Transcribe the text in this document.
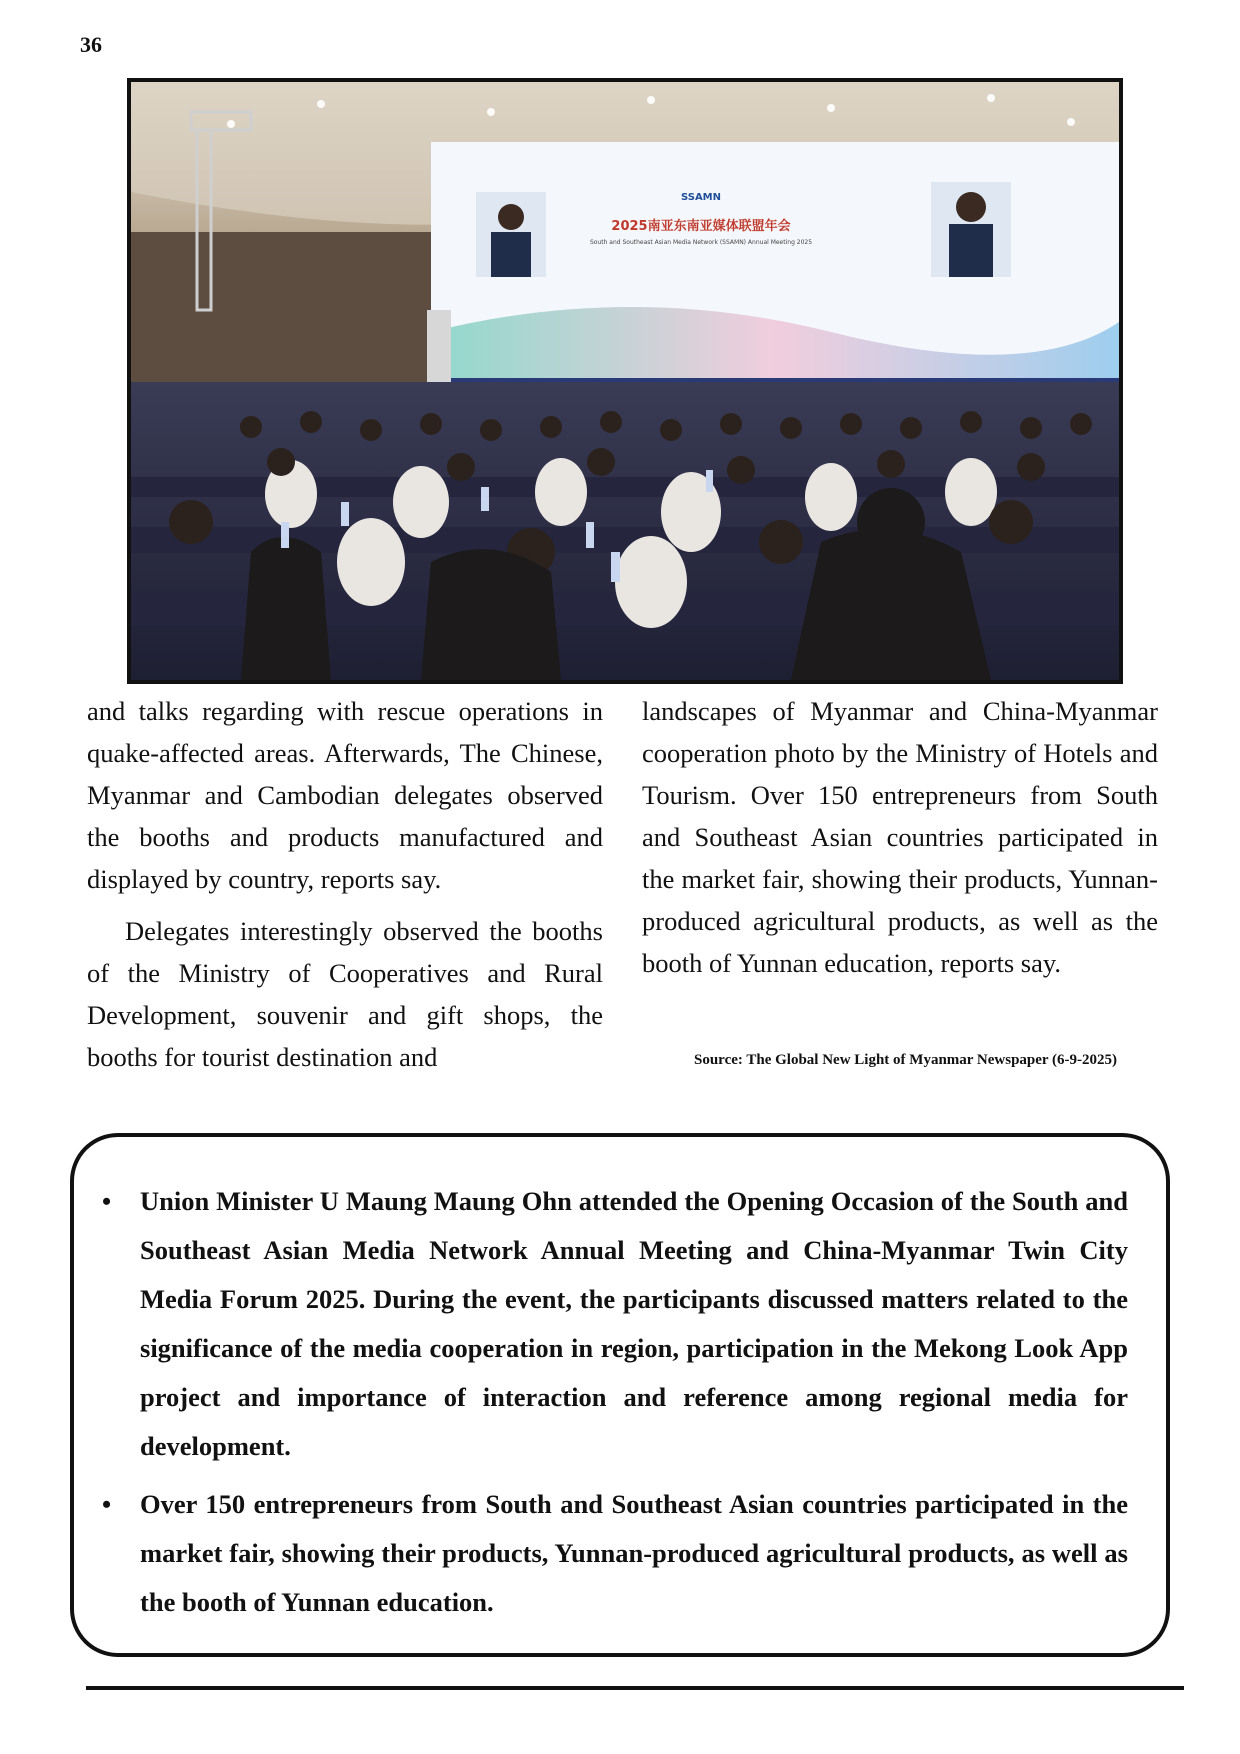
36
SSAMN
2025南亚东南亚媒体联盟年会
South and Southeast Asian Media Network (SSAMN) Annual Meeting 2025

and talks regarding with rescue operations in quake-affected areas. Afterwards, The Chinese, Myanmar and Cambodian delegates observed the booths and products manufactured and displayed by country, reports say.

Delegates interestingly observed the booths of the Ministry of Cooperatives and Rural Development, souvenir and gift shops, the booths for tourist destination and

landscapes of Myanmar and China-Myanmar cooperation photo by the Ministry of Hotels and Tourism. Over 150 entrepreneurs from South and Southeast Asian countries participated in the market fair, showing their products, Yunnan-produced agricultural products, as well as the booth of Yunnan education, reports say.

Source: The Global New Light of Myanmar Newspaper (6-9-2025)
• Union Minister U Maung Maung Ohn attended the Opening Occasion of the South and Southeast Asian Media Network Annual Meeting and China-Myanmar Twin City Media Forum 2025. During the event, the participants discussed matters related to the significance of the media cooperation in region, participation in the Mekong Look App project and importance of interaction and reference among regional media for development.
• Over 150 entrepreneurs from South and Southeast Asian countries participated in the market fair, showing their products, Yunnan-produced agricultural products, as well as the booth of Yunnan education.
